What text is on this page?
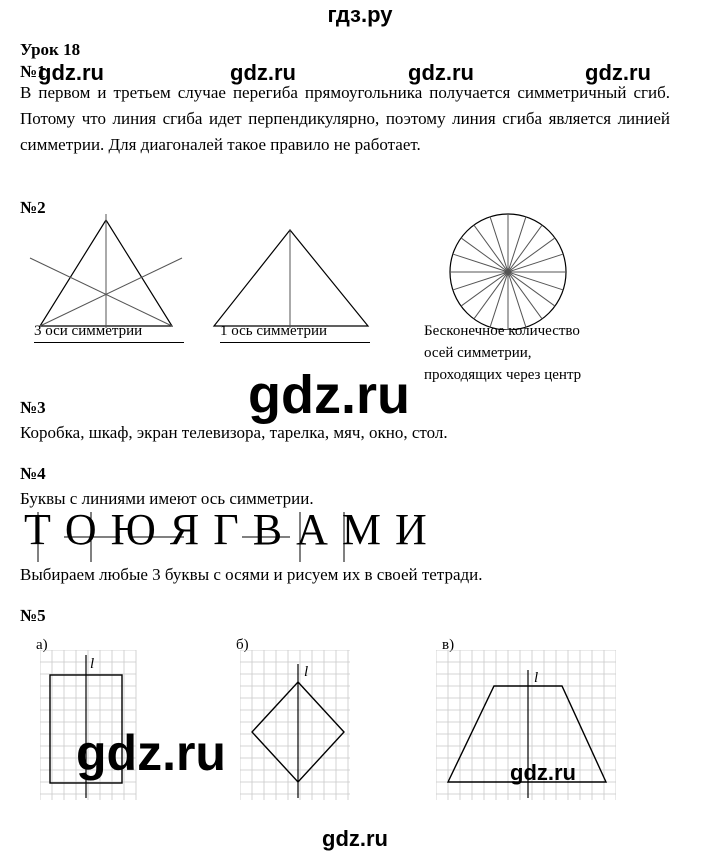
гдз.ру
Урок 18
№1
gdz.ru	gdz.ru	gdz.ru	gdz.ru
В первом и третьем случае перегиба прямоугольника получается симметричный сгиб. Потому что линия сгиба идет перпендикулярно, поэтому линия сгиба является линией симметрии. Для диагоналей такое правило не работает.
№2
3 оси симметрии	1 ось симметрии	Бесконечное количество
осей симметрии,
проходящих через центр
gdz.ru
№3
Коробка, шкаф, экран телевизора, тарелка, мяч, окно, стол.
№4
Буквы с линиями имеют ось симметрии.
Т О Ю Я Г В А М И
Выбираем любые 3 буквы с осями и рисуем их в своей тетради.
№5
а)	б)	в)
l	l	l
gdz.ru	gdz.ru
gdz.ru
